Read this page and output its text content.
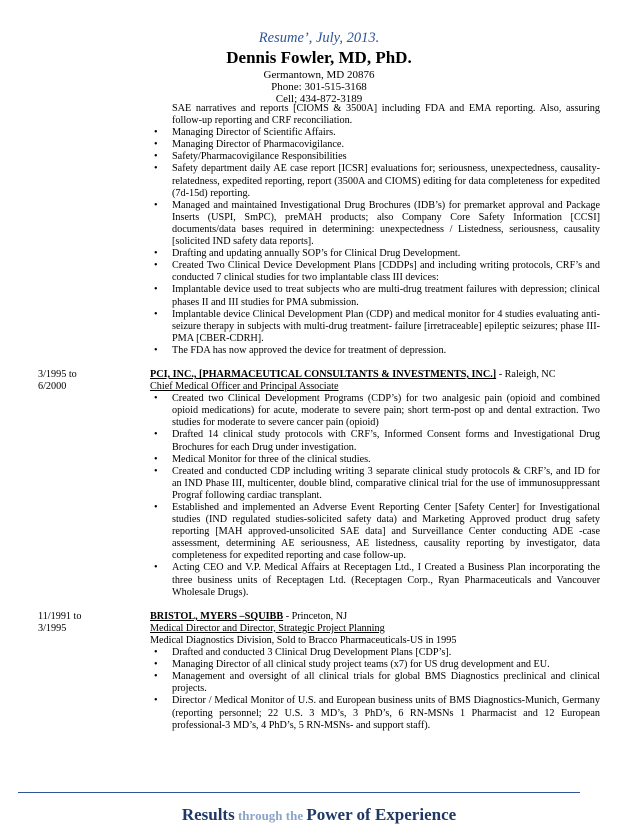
Resume’, July, 2013.
Dennis Fowler, MD, PhD.
Germantown, MD 20876
Phone: 301-515-3168
Cell; 434-872-3189
SAE narratives and reports [CIOMS & 3500A] including FDA and EMA reporting. Also, assuring follow-up reporting and CRF reconciliation.
• Managing Director of Scientific Affairs.
• Managing Director of Pharmacovigilance.
• Safety/Pharmacovigilance Responsibilities
• Safety department daily AE case report [ICSR] evaluations for; seriousness, unexpectedness, causality-relatedness, expedited reporting, report (3500A and CIOMS) editing for data completeness for expedited (7d-15d) reporting.
• Managed and maintained Investigational Drug Brochures (IDB’s) for premarket approval and Package Inserts (USPI, SmPC), preMAH products; also Company Core Safety Information [CCSI] documents/data bases required in determining: unexpectedness / Listedness, seriousness, causality [solicited IND safety data reports].
• Drafting and updating annually SOP’s for Clinical Drug Development.
• Created Two Clinical Device Development Plans [CDDPs] and including writing protocols, CRF’s and conducted 7 clinical studies for two implantable class III devices:
• Implantable device used to treat subjects who are multi-drug treatment failures with depression; clinical phases II and III studies for PMA submission.
• Implantable device Clinical Development Plan (CDP) and medical monitor for 4 studies evaluating anti-seizure therapy in subjects with multi-drug treatment- failure [irretraceable] epileptic seizures; phase III-PMA [CBER-CDRH].
• The FDA has now approved the device for treatment of depression.
3/1995 to
6/2000
PCI, INC., [PHARMACEUTICAL CONSULTANTS & INVESTMENTS, INC.] - Raleigh, NC
Chief Medical Officer and Principal Associate
• Created two Clinical Development Programs (CDP’s) for two analgesic pain (opioid and combined opioid medications) for acute, moderate to severe pain; short term-post op and dental extraction. Two studies for moderate to severe cancer pain (opioid)
• Drafted 14 clinical study protocols with CRF’s, Informed Consent forms and Investigational Drug Brochures for each Drug under investigation.
• Medical Monitor for three of the clinical studies.
• Created and conducted CDP including writing 3 separate clinical study protocols & CRF’s, and ID for an IND Phase III, multicenter, double blind, comparative clinical trial for the use of immunosuppressant Prograf following cardiac transplant.
• Established and implemented an Adverse Event Reporting Center [Safety Center] for Investigational studies (IND regulated studies-solicited safety data) and Marketing Approved product drug safety reporting [MAH approved-unsolicited SAE data] and Surveillance Center conducting ADE -case assessment, determining AE seriousness, AE listedness, causality reporting by investigator, data completeness for expedited reporting and case follow-up.
• Acting CEO and V.P. Medical Affairs at Receptagen Ltd., I Created a Business Plan incorporating the three business units of Receptagen Ltd. (Receptagen Corp., Ryan Pharmaceuticals and Vancouver Wholesale Drugs).
11/1991 to
3/1995
BRISTOL, MYERS –SQUIBB - Princeton, NJ
Medical Director and Director, Strategic Project Planning
Medical Diagnostics Division, Sold to Bracco Pharmaceuticals-US in 1995
• Drafted and conducted 3 Clinical Drug Development Plans [CDP’s].
• Managing Director of all clinical study project teams (x7) for US drug development and EU.
• Management and oversight of all clinical trials for global BMS Diagnostics preclinical and clinical projects.
• Director / Medical Monitor of U.S. and European business units of BMS Diagnostics-Munich, Germany (reporting personnel; 22 U.S. 3 MD’s, 3 PhD’s, 6 RN-MSNs 1 Pharmacist and 12 European professional-3 MD’s, 4 PhD’s, 5 RN-MSNs- and support staff).
Results through the Power of Experience
